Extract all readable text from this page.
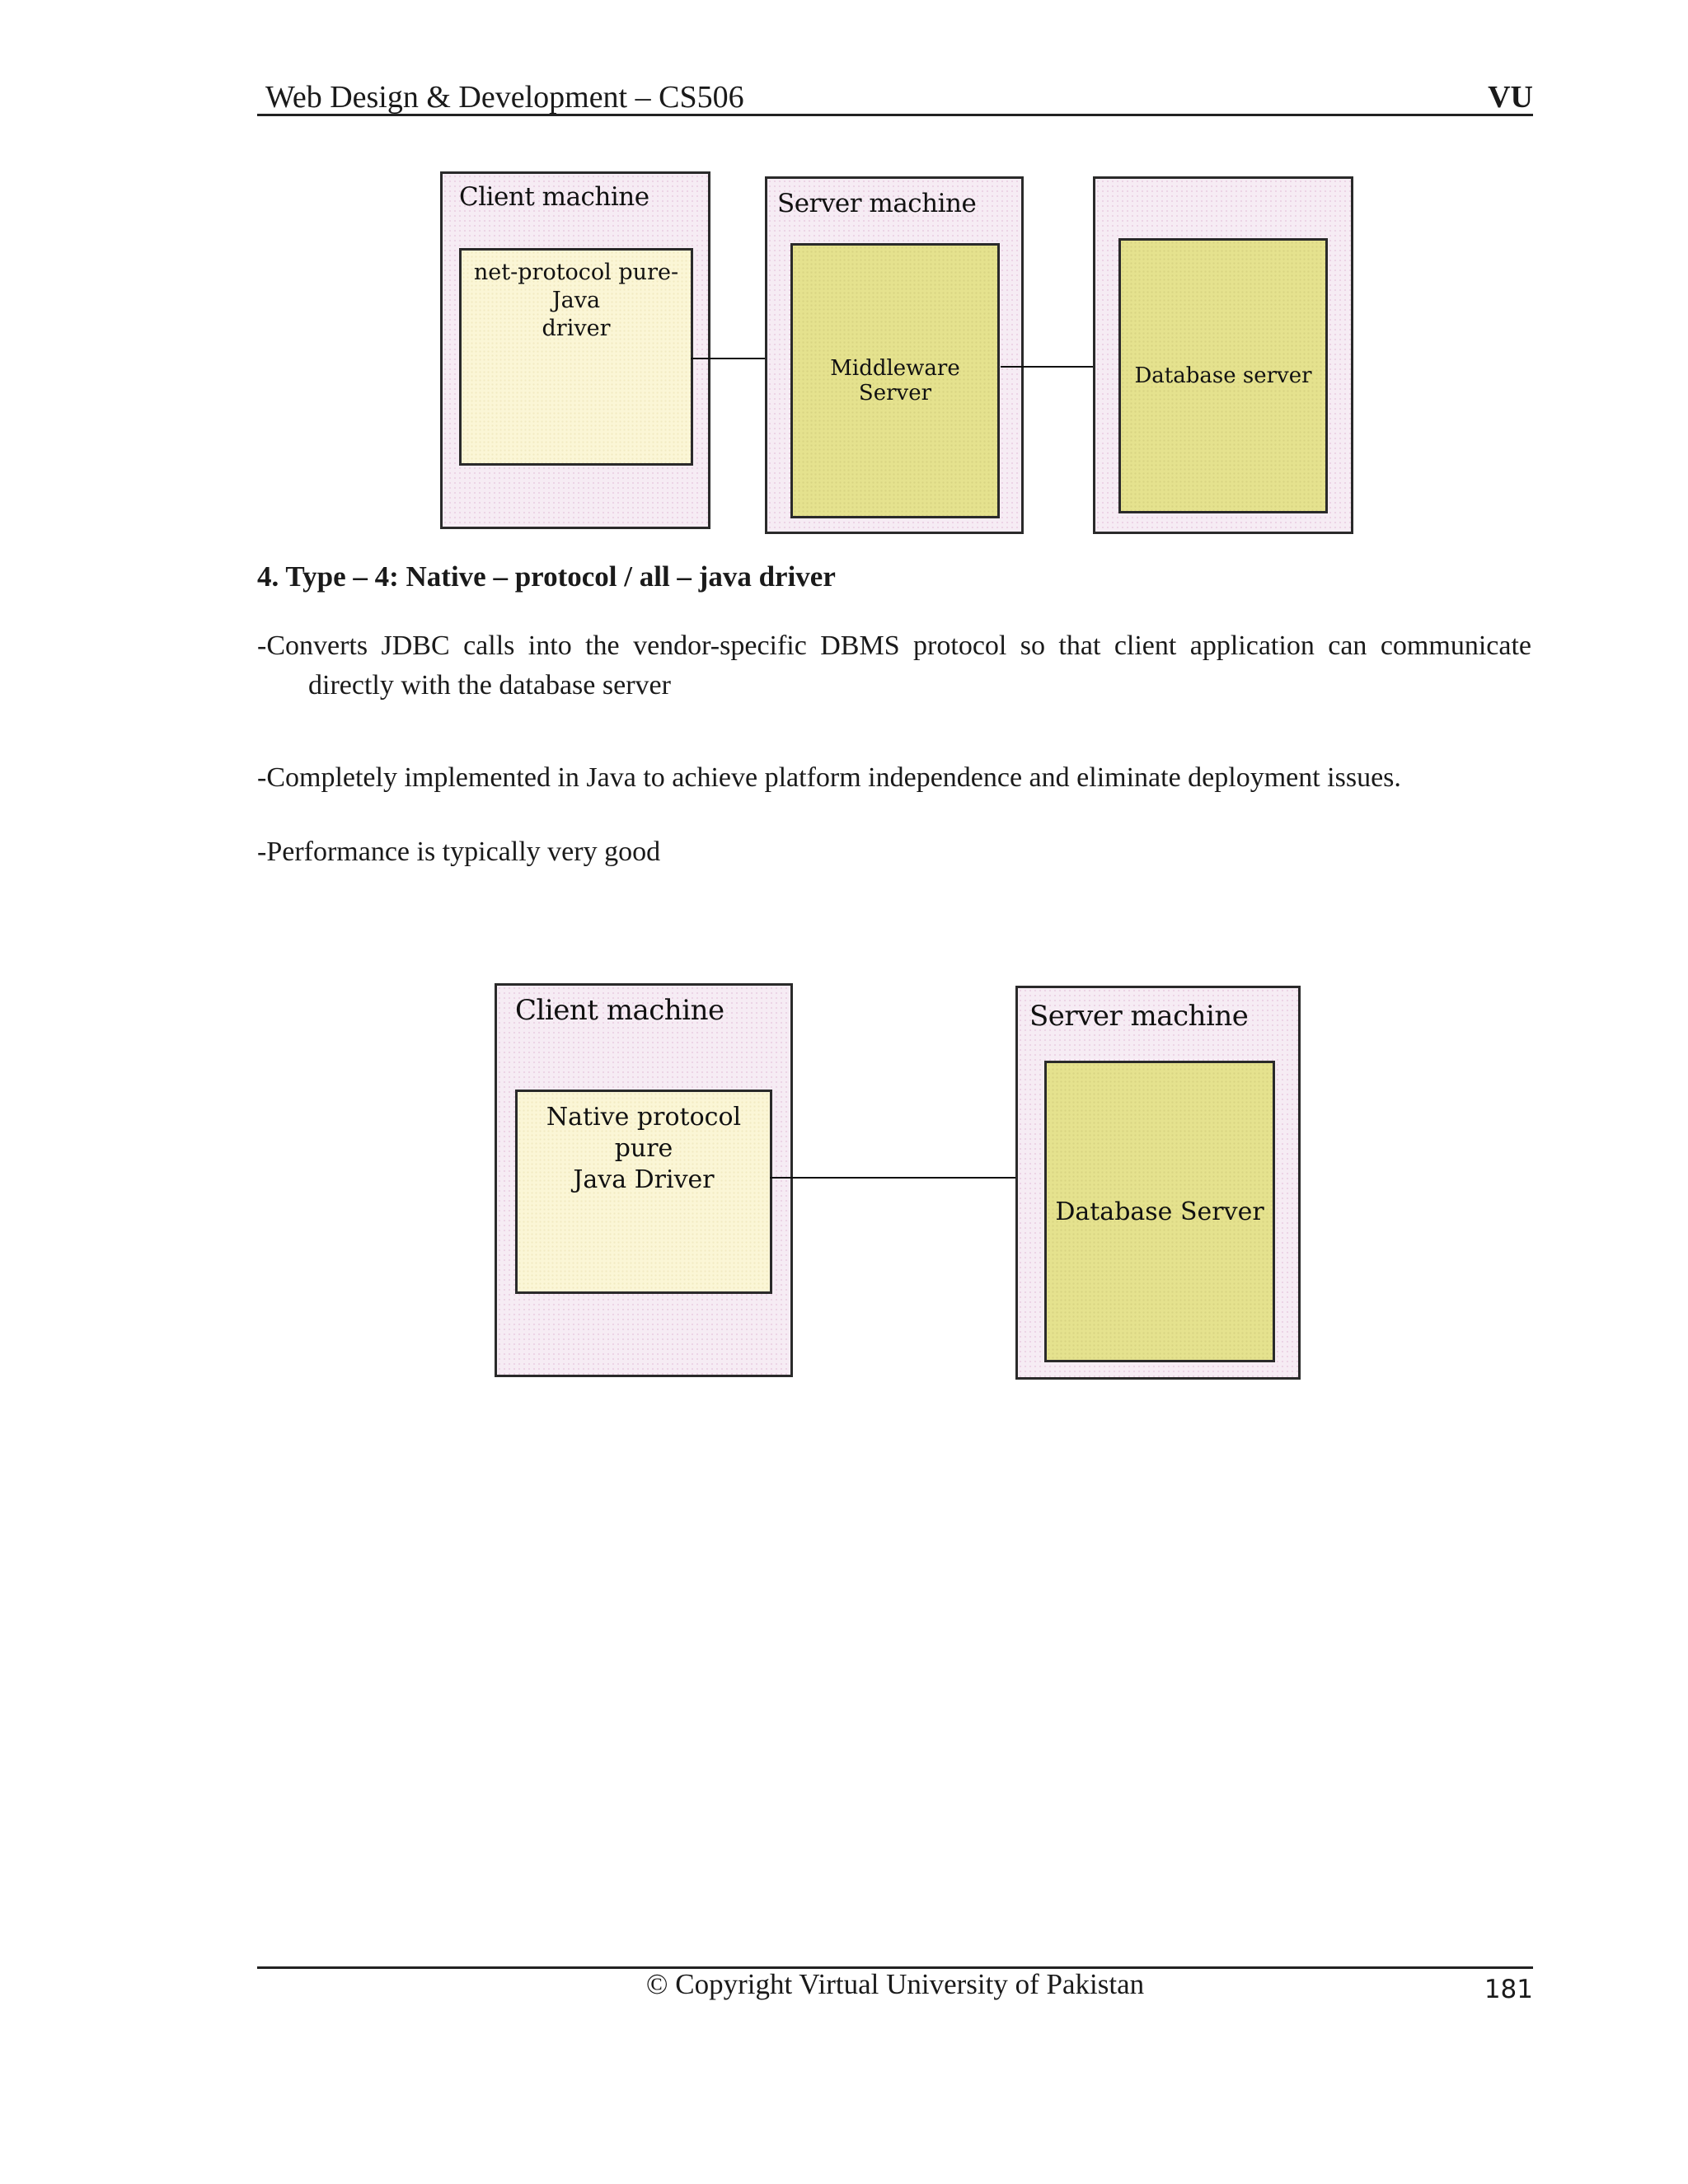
Web Design & Development – CS506	VU
Client machine
net-protocol pure-Java
driver
Server machine
Middleware Server
Database server
4. Type – 4: Native – protocol / all – java driver
-Converts JDBC calls into the vendor-specific DBMS protocol so that client application can communicate directly with the database server
-Completely implemented in Java to achieve platform independence and eliminate deployment issues.
-Performance is typically very good
Client machine
Native protocol pure
Java Driver
Server machine
Database Server
© Copyright Virtual University of Pakistan	181
